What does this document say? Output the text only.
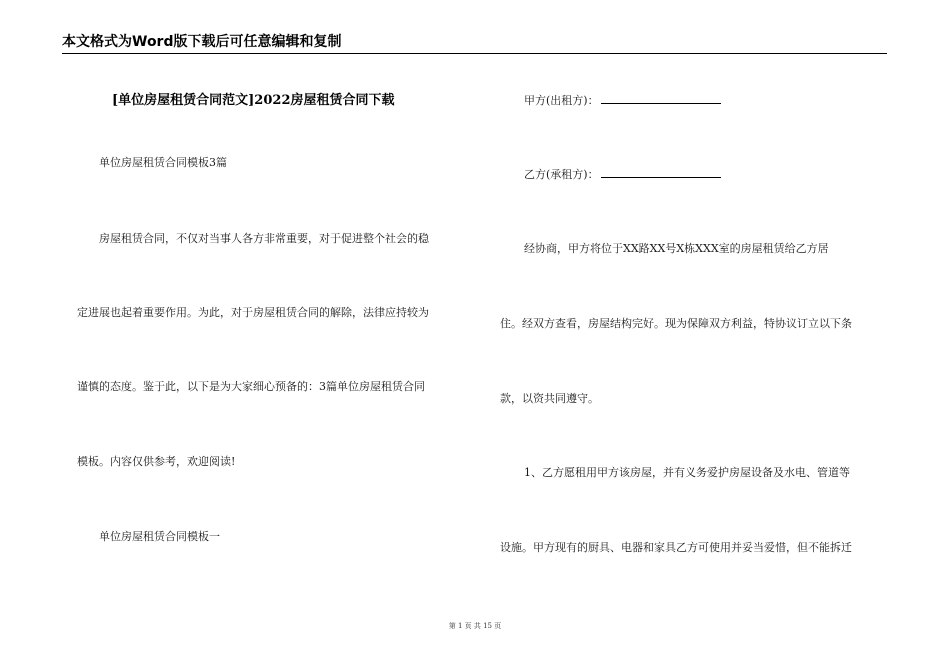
本文格式为Word版下载后可任意编辑和复制
[单位房屋租赁合同范文]2022房屋租赁合同下载
单位房屋租赁合同模板3篇
房屋租赁合同，不仅对当事人各方非常重要，对于促进整个社会的稳
定进展也起着重要作用。为此，对于房屋租赁合同的解除，法律应持较为
谨慎的态度。鉴于此，以下是为大家细心预备的：3篇单位房屋租赁合同
模板。内容仅供参考，欢迎阅读!
单位房屋租赁合同模板一
甲方(出租方)：
乙方(承租方)：
经协商，甲方将位于XX路XX号X栋XXX室的房屋租赁给乙方居
住。经双方查看，房屋结构完好。现为保障双方利益，特协议订立以下条
款，以资共同遵守。
1、乙方愿租用甲方该房屋，并有义务爱护房屋设备及水电、管道等
设施。甲方现有的厨具、电器和家具乙方可使用并妥当爱惜，但不能拆迁
第 1 页 共 15 页
